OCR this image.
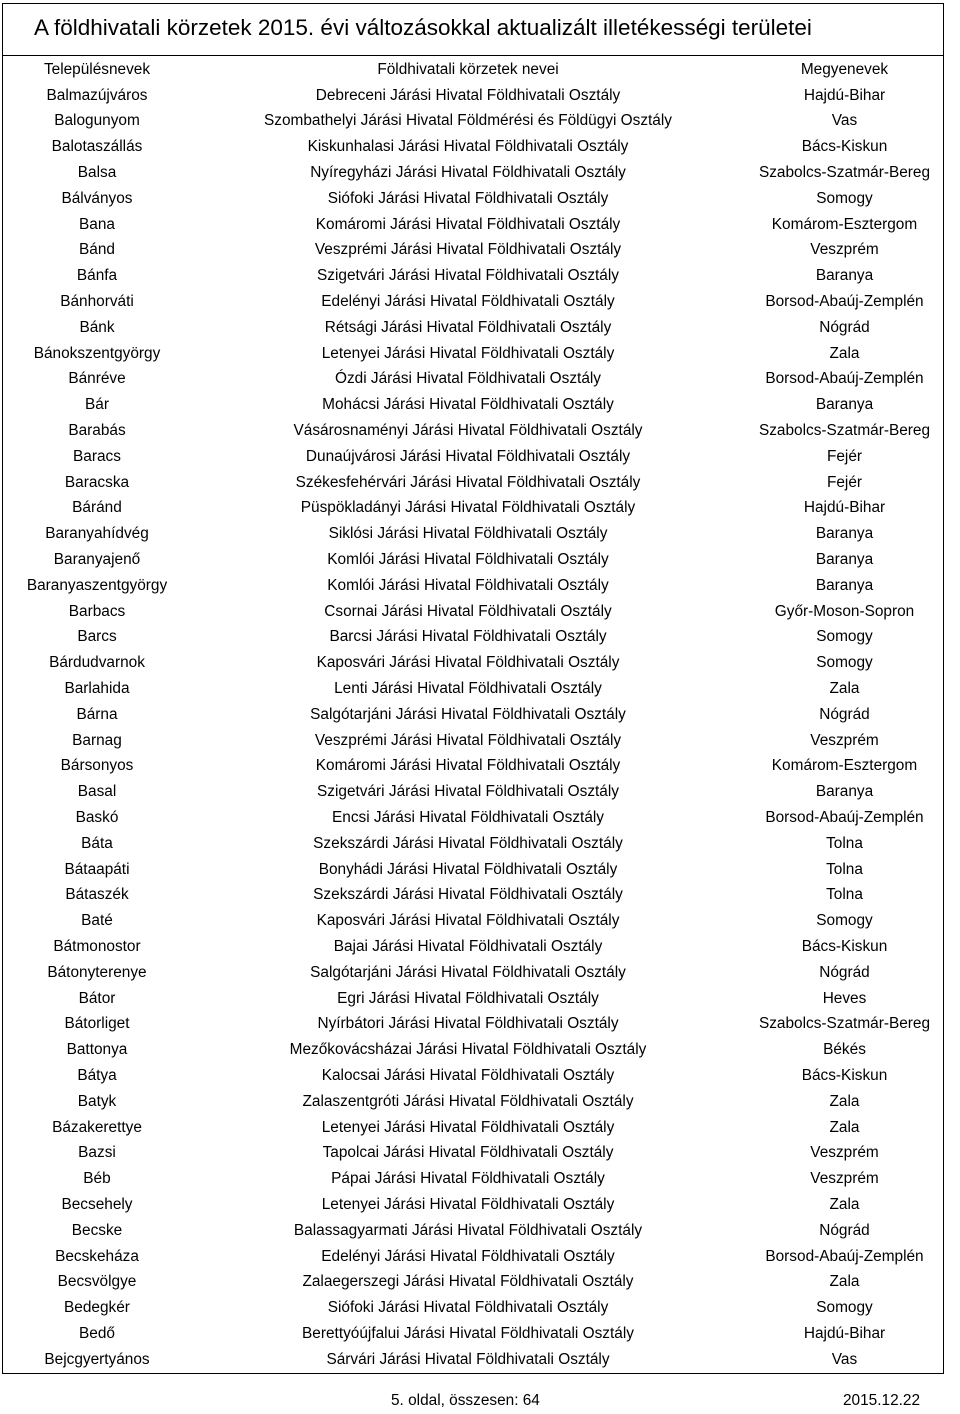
A földhivatali körzetek 2015. évi változásokkal aktualizált illetékességi területei
Településnevek	Földhivatali körzetek nevei	Megyenevek
Balmazújváros	Debreceni Járási Hivatal Földhivatali Osztály	Hajdú-Bihar
Balogunyom	Szombathelyi Járási Hivatal Földmérési és Földügyi Osztály	Vas
Balotaszállás	Kiskunhalasi Járási Hivatal Földhivatali Osztály	Bács-Kiskun
Balsa	Nyíregyházi Járási Hivatal Földhivatali Osztály	Szabolcs-Szatmár-Bereg
Bálványos	Siófoki Járási Hivatal Földhivatali Osztály	Somogy
Bana	Komáromi Járási Hivatal Földhivatali Osztály	Komárom-Esztergom
Bánd	Veszprémi Járási Hivatal Földhivatali Osztály	Veszprém
Bánfa	Szigetvári Járási Hivatal Földhivatali Osztály	Baranya
Bánhorváti	Edelényi Járási Hivatal Földhivatali Osztály	Borsod-Abaúj-Zemplén
Bánk	Rétsági Járási Hivatal Földhivatali Osztály	Nógrád
Bánokszentgyörgy	Letenyei Járási Hivatal Földhivatali Osztály	Zala
Bánréve	Ózdi Járási Hivatal Földhivatali Osztály	Borsod-Abaúj-Zemplén
Bár	Mohácsi Járási Hivatal Földhivatali Osztály	Baranya
Barabás	Vásárosnaményi Járási Hivatal Földhivatali Osztály	Szabolcs-Szatmár-Bereg
Baracs	Dunaújvárosi Járási Hivatal Földhivatali Osztály	Fejér
Baracska	Székesfehérvári Járási Hivatal Földhivatali Osztály	Fejér
Báránd	Püspökladányi Járási Hivatal Földhivatali Osztály	Hajdú-Bihar
Baranyahídvég	Siklósi Járási Hivatal Földhivatali Osztály	Baranya
Baranyajenő	Komlói Járási Hivatal Földhivatali Osztály	Baranya
Baranyaszentgyörgy	Komlói Járási Hivatal Földhivatali Osztály	Baranya
Barbacs	Csornai Járási Hivatal Földhivatali Osztály	Győr-Moson-Sopron
Barcs	Barcsi Járási Hivatal Földhivatali Osztály	Somogy
Bárdudvarnok	Kaposvári Járási Hivatal Földhivatali Osztály	Somogy
Barlahida	Lenti Járási Hivatal Földhivatali Osztály	Zala
Bárna	Salgótarjáni Járási Hivatal Földhivatali Osztály	Nógrád
Barnag	Veszprémi Járási Hivatal Földhivatali Osztály	Veszprém
Bársonyos	Komáromi Járási Hivatal Földhivatali Osztály	Komárom-Esztergom
Basal	Szigetvári Járási Hivatal Földhivatali Osztály	Baranya
Baskó	Encsi Járási Hivatal Földhivatali Osztály	Borsod-Abaúj-Zemplén
Báta	Szekszárdi Járási Hivatal Földhivatali Osztály	Tolna
Bátaapáti	Bonyhádi Járási Hivatal Földhivatali Osztály	Tolna
Bátaszék	Szekszárdi Járási Hivatal Földhivatali Osztály	Tolna
Baté	Kaposvári Járási Hivatal Földhivatali Osztály	Somogy
Bátmonostor	Bajai Járási Hivatal Földhivatali Osztály	Bács-Kiskun
Bátonyterenye	Salgótarjáni Járási Hivatal Földhivatali Osztály	Nógrád
Bátor	Egri Járási Hivatal Földhivatali Osztály	Heves
Bátorliget	Nyírbátori Járási Hivatal Földhivatali Osztály	Szabolcs-Szatmár-Bereg
Battonya	Mezőkovácsházai Járási Hivatal Földhivatali Osztály	Békés
Bátya	Kalocsai Járási Hivatal Földhivatali Osztály	Bács-Kiskun
Batyk	Zalaszentgróti Járási Hivatal Földhivatali Osztály	Zala
Bázakerettye	Letenyei Járási Hivatal Földhivatali Osztály	Zala
Bazsi	Tapolcai Járási Hivatal Földhivatali Osztály	Veszprém
Béb	Pápai Járási Hivatal Földhivatali Osztály	Veszprém
Becsehely	Letenyei Járási Hivatal Földhivatali Osztály	Zala
Becske	Balassagyarmati Járási Hivatal Földhivatali Osztály	Nógrád
Becskeháza	Edelényi Járási Hivatal Földhivatali Osztály	Borsod-Abaúj-Zemplén
Becsvölgye	Zalaegerszegi Járási Hivatal Földhivatali Osztály	Zala
Bedegkér	Siófoki Járási Hivatal Földhivatali Osztály	Somogy
Bedő	Berettyóújfalui Járási Hivatal Földhivatali Osztály	Hajdú-Bihar
Bejcgyertyános	Sárvári Járási Hivatal Földhivatali Osztály	Vas
5. oldal, összesen: 64	2015.12.22
